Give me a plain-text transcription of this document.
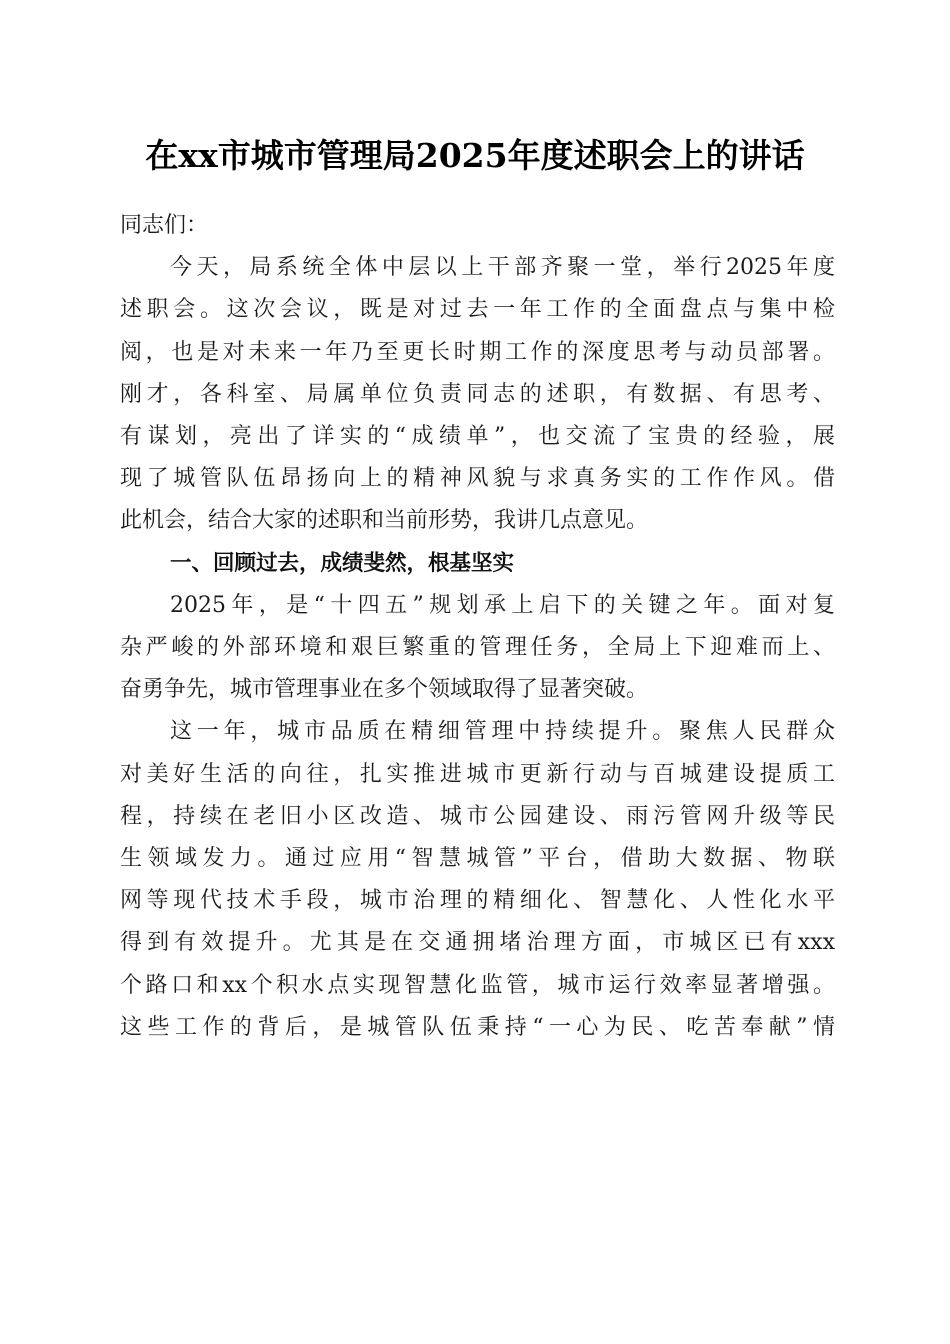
在xx市城市管理局2025年度述职会上的讲话

同志们：

今天，局系统全体中层以上干部齐聚一堂，举行2025年度
述职会。这次会议，既是对过去一年工作的全面盘点与集中检
阅，也是对未来一年乃至更长时期工作的深度思考与动员部署。
刚才，各科室、局属单位负责同志的述职，有数据、有思考、
有谋划，亮出了详实的“成绩单”，也交流了宝贵的经验，展
现了城管队伍昂扬向上的精神风貌与求真务实的工作作风。借
此机会，结合大家的述职和当前形势，我讲几点意见。

一、回顾过去，成绩斐然，根基坚实

2025年，是“十四五”规划承上启下的关键之年。面对复
杂严峻的外部环境和艰巨繁重的管理任务，全局上下迎难而上、
奋勇争先，城市管理事业在多个领域取得了显著突破。

这一年，城市品质在精细管理中持续提升。聚焦人民群众
对美好生活的向往，扎实推进城市更新行动与百城建设提质工
程，持续在老旧小区改造、城市公园建设、雨污管网升级等民
生领域发力。通过应用“智慧城管”平台，借助大数据、物联
网等现代技术手段，城市治理的精细化、智慧化、人性化水平
得到有效提升。尤其是在交通拥堵治理方面，市城区已有xxx
个路口和xx个积水点实现智慧化监管，城市运行效率显著增强。
这些工作的背后，是城管队伍秉持“一心为民、吃苦奉献”情
